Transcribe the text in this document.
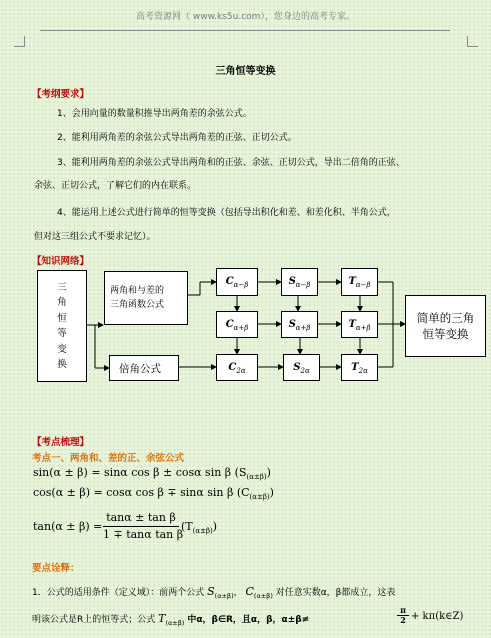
高考资源网（ www.ks5u.com），您身边的高考专家。
三角恒等变换
【考纲要求】
1、会用向量的数量积推导出两角差的余弦公式。
2、能利用两角差的余弦公式导出两角差的正弦、正切公式。
3、能利用两角差的余弦公式导出两角和的正弦、余弦、正切公式，导出二倍角的正弦、
余弦、正切公式，了解它们的内在联系。
4、能运用上述公式进行简单的恒等变换（包括导出积化和差、和差化积、半角公式，
但对这三组公式不要求记忆）。
【知识网络】
三
角
恒
等
变
换
两角和与差的
三角函数公式
倍角公式
$C_{\alpha-\beta}$	$S_{\alpha-\beta}$	$T_{\alpha-\beta}$
$C_{\alpha+\beta}$	$S_{\alpha+\beta}$	$T_{\alpha+\beta}$
$C_{2\alpha}$	$S_{2\alpha}$	$T_{2\alpha}$
简单的三角
恒等变换
【考点梳理】
考点一、两角和、差的正、余弦公式
sin(α ± β) = sinα cos β ± cosα sin β $(S_{(\alpha\pm\beta)})$
cos(α ± β) = cosα cos β ∓ sinα sin β $(C_{(\alpha\pm\beta)})$
tan(α ± β) =
tanα ± tan β
1 ∓ tanα tan β
$(T_{(\alpha\pm\beta)})$
要点诠释：
1．公式的适用条件（定义域）：前两个公式 $S_{(\alpha\pm\beta)}$， $C_{(\alpha\pm\beta)}$ 对任意实数α，β都成立，这表
明该公式是R上的恒等式；公式 $T_{(\alpha\pm\beta)}$ 中α，β∈R，且α，β，α±β≠
π
2 + kπ(k∈Z)
